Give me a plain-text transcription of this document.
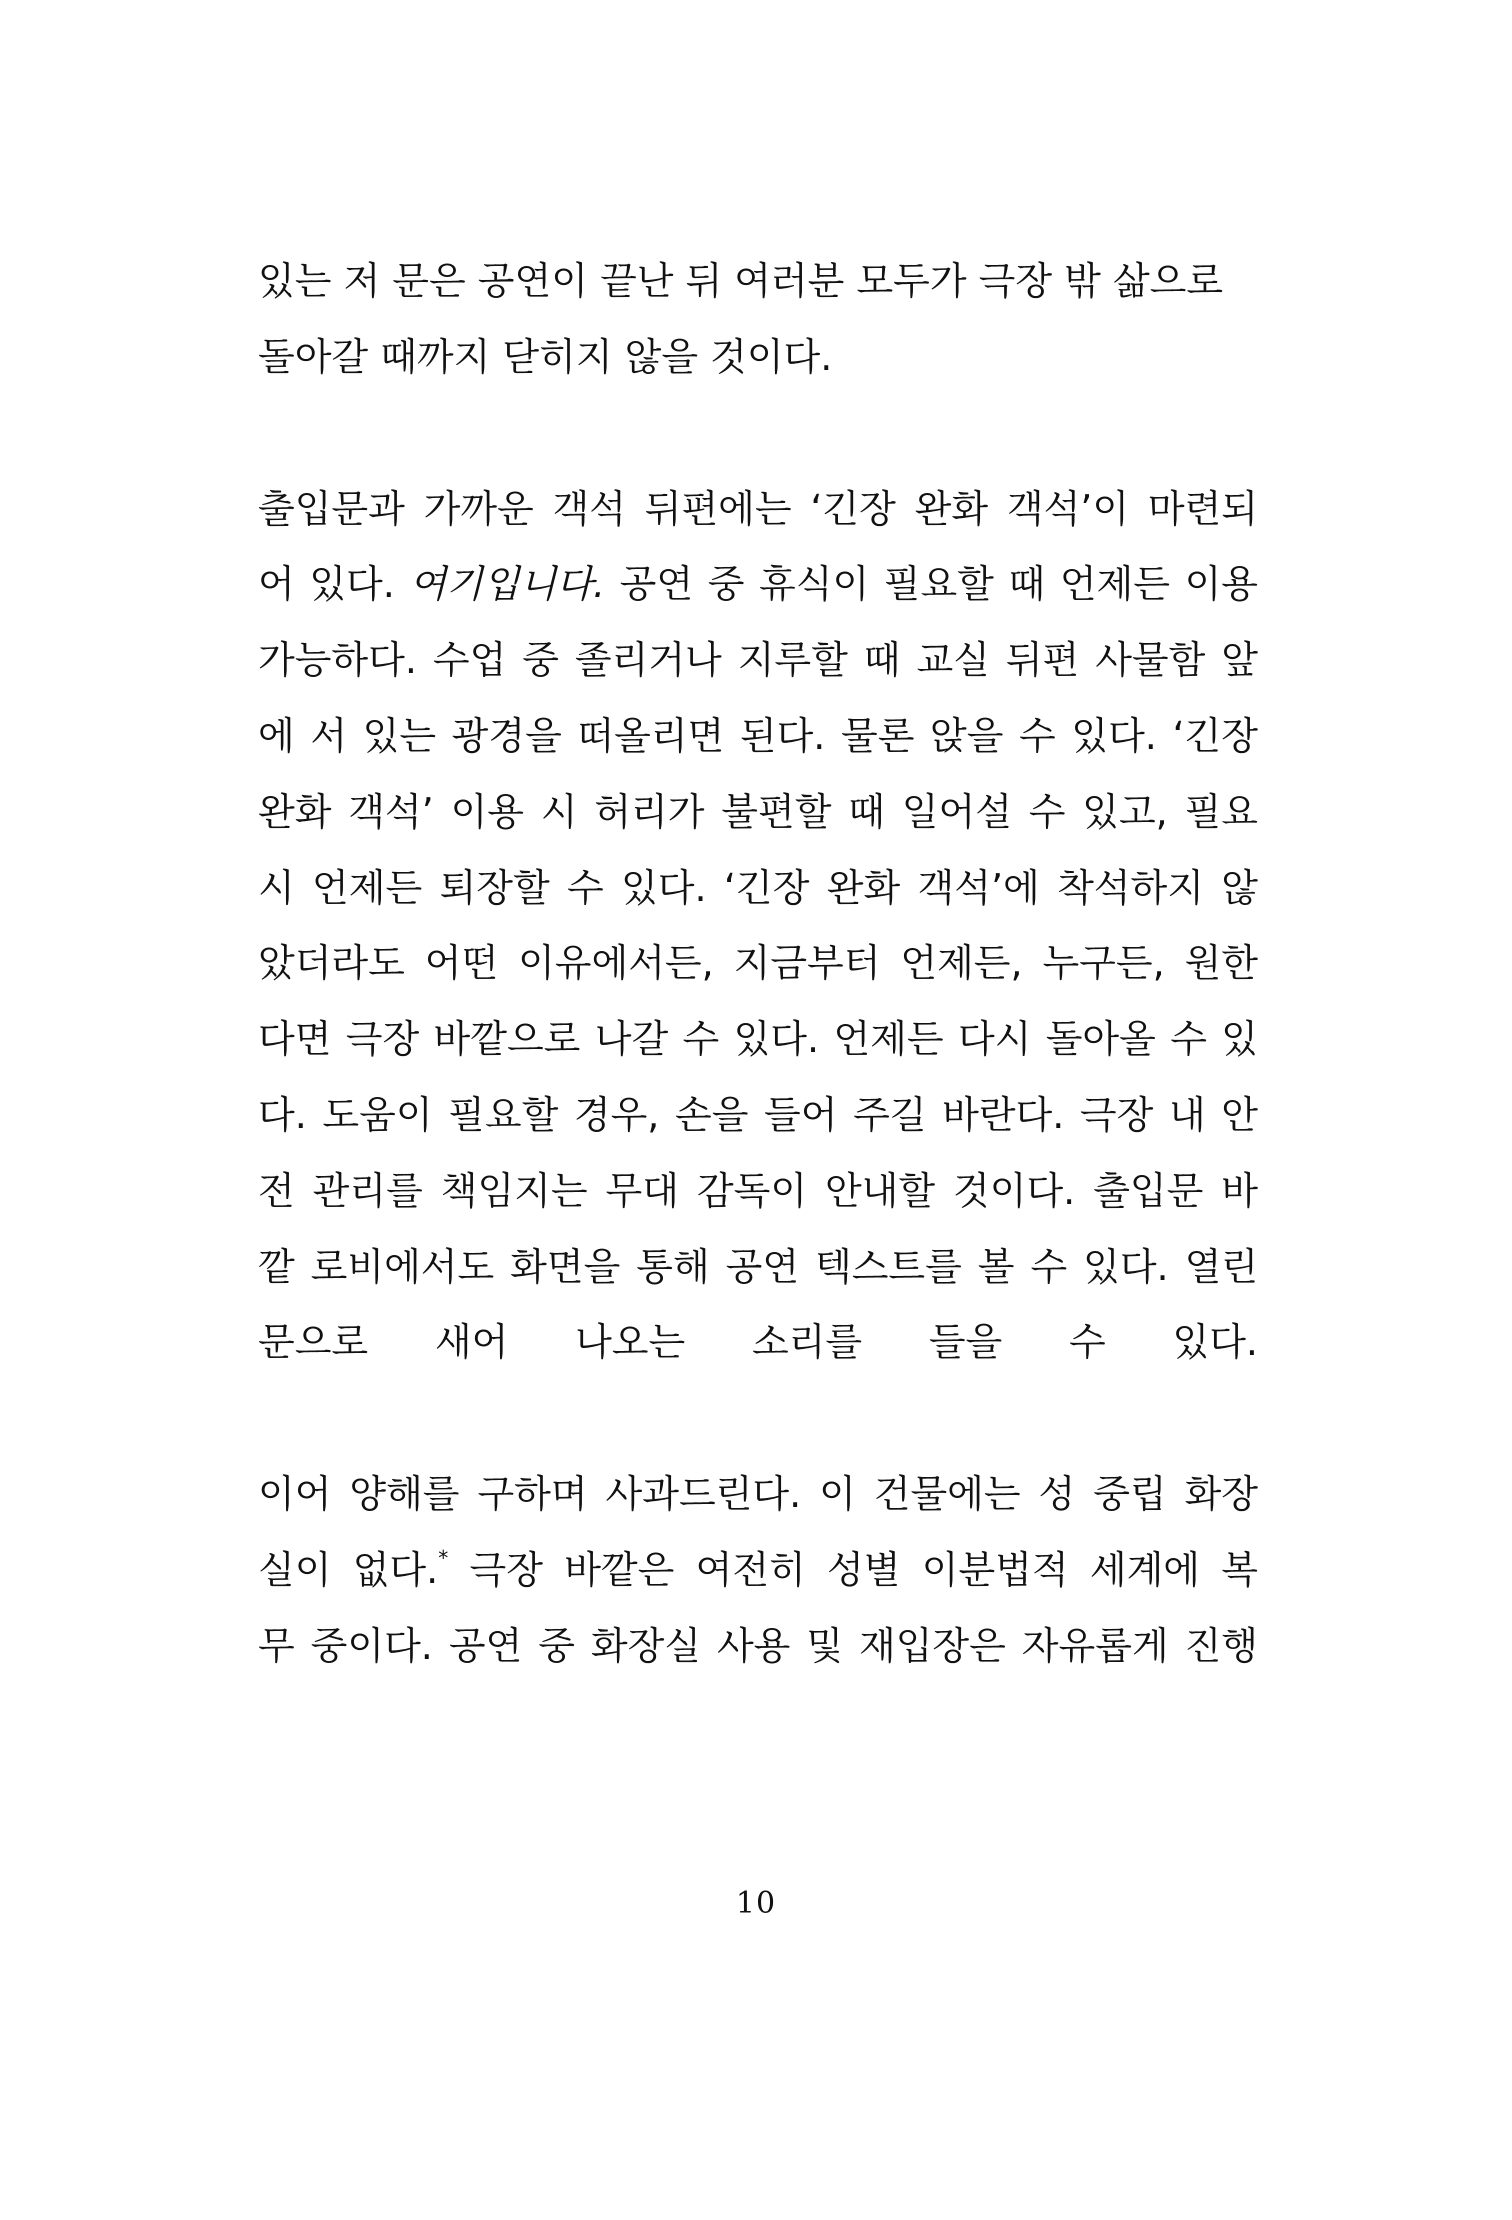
있는 저 문은 공연이 끝난 뒤 여러분 모두가 극장 밖 삶으로
돌아갈 때까지 닫히지 않을 것이다.
출입문과 가까운 객석 뒤편에는 ‘긴장 완화 객석’이 마련되
어 있다. 여기입니다. 공연 중 휴식이 필요할 때 언제든 이용
가능하다. 수업 중 졸리거나 지루할 때 교실 뒤편 사물함 앞
에 서 있는 광경을 떠올리면 된다. 물론 앉을 수 있다. ‘긴장
완화 객석’ 이용 시 허리가 불편할 때 일어설 수 있고, 필요
시 언제든 퇴장할 수 있다. ‘긴장 완화 객석’에 착석하지 않
았더라도 어떤 이유에서든, 지금부터 언제든, 누구든, 원한
다면 극장 바깥으로 나갈 수 있다. 언제든 다시 돌아올 수 있
다. 도움이 필요할 경우, 손을 들어 주길 바란다. 극장 내 안
전 관리를 책임지는 무대 감독이 안내할 것이다. 출입문 바
깥 로비에서도 화면을 통해 공연 텍스트를 볼 수 있다. 열린
문으로 새어 나오는 소리를 들을 수 있다.
이어 양해를 구하며 사과드린다. 이 건물에는 성 중립 화장
실이 없다.* 극장 바깥은 여전히 성별 이분법적 세계에 복
무 중이다. 공연 중 화장실 사용 및 재입장은 자유롭게 진행
10
